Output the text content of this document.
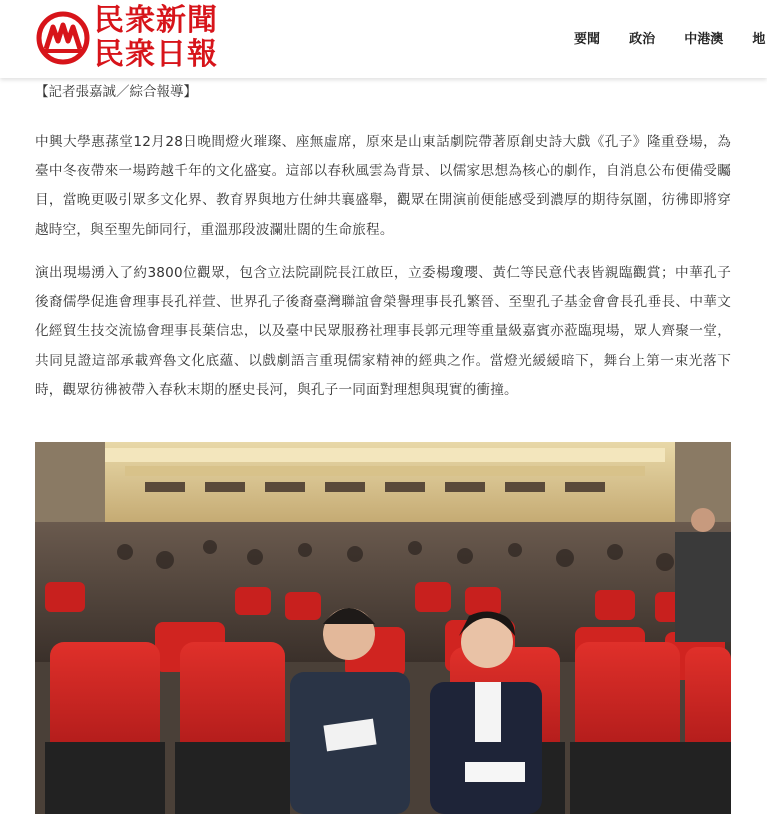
民衆新聞
民衆日報	要聞 政治 中港澳 地
【記者張嘉誠／綜合報導】

中興大學惠蓀堂12月28日晚間燈火璀璨、座無虛席，原來是山東話劇院帶著原創史詩大戲《孔子》隆重登場，為臺中冬夜帶來一場跨越千年的文化盛宴。這部以春秋風雲為背景、以儒家思想為核心的劇作，自消息公布便備受矚目，當晚更吸引眾多文化界、教育界與地方仕紳共襄盛舉，觀眾在開演前便能感受到濃厚的期待氛圍，彷彿即將穿越時空，與至聖先師同行，重溫那段波瀾壯闊的生命旅程。

演出現場湧入了約3800位觀眾，包含立法院副院長江啟臣，立委楊瓊瓔、黃仁等民意代表皆親臨觀賞；中華孔子後裔儒學促進會理事長孔祥萱、世界孔子後裔臺灣聯誼會榮譽理事長孔繁晉、至聖孔子基金會會長孔垂長、中華文化經貿生技交流協會理事長葉信忠，以及臺中民眾服務社理事長郭元理等重量級嘉賓亦蒞臨現場，眾人齊聚一堂，共同見證這部承載齊魯文化底蘊、以戲劇語言重現儒家精神的經典之作。當燈光緩緩暗下，舞台上第一束光落下時，觀眾彷彿被帶入春秋末期的歷史長河，與孔子一同面對理想與現實的衝撞。
